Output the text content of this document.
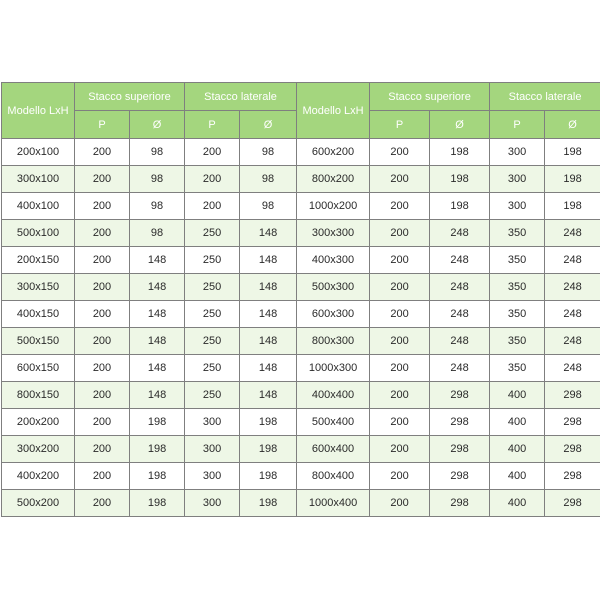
Modello LxH	Stacco superiore		Stacco laterale		Modello LxH	Stacco superiore		Stacco laterale	
	P	Ø	P	Ø		P	Ø	P	Ø
200x100	200	98	200	98	600x200	200	198	300	198
300x100	200	98	200	98	800x200	200	198	300	198
400x100	200	98	200	98	1000x200	200	198	300	198
500x100	200	98	250	148	300x300	200	248	350	248
200x150	200	148	250	148	400x300	200	248	350	248
300x150	200	148	250	148	500x300	200	248	350	248
400x150	200	148	250	148	600x300	200	248	350	248
500x150	200	148	250	148	800x300	200	248	350	248
600x150	200	148	250	148	1000x300	200	248	350	248
800x150	200	148	250	148	400x400	200	298	400	298
200x200	200	198	300	198	500x400	200	298	400	298
300x200	200	198	300	198	600x400	200	298	400	298
400x200	200	198	300	198	800x400	200	298	400	298
500x200	200	198	300	198	1000x400	200	298	400	298
